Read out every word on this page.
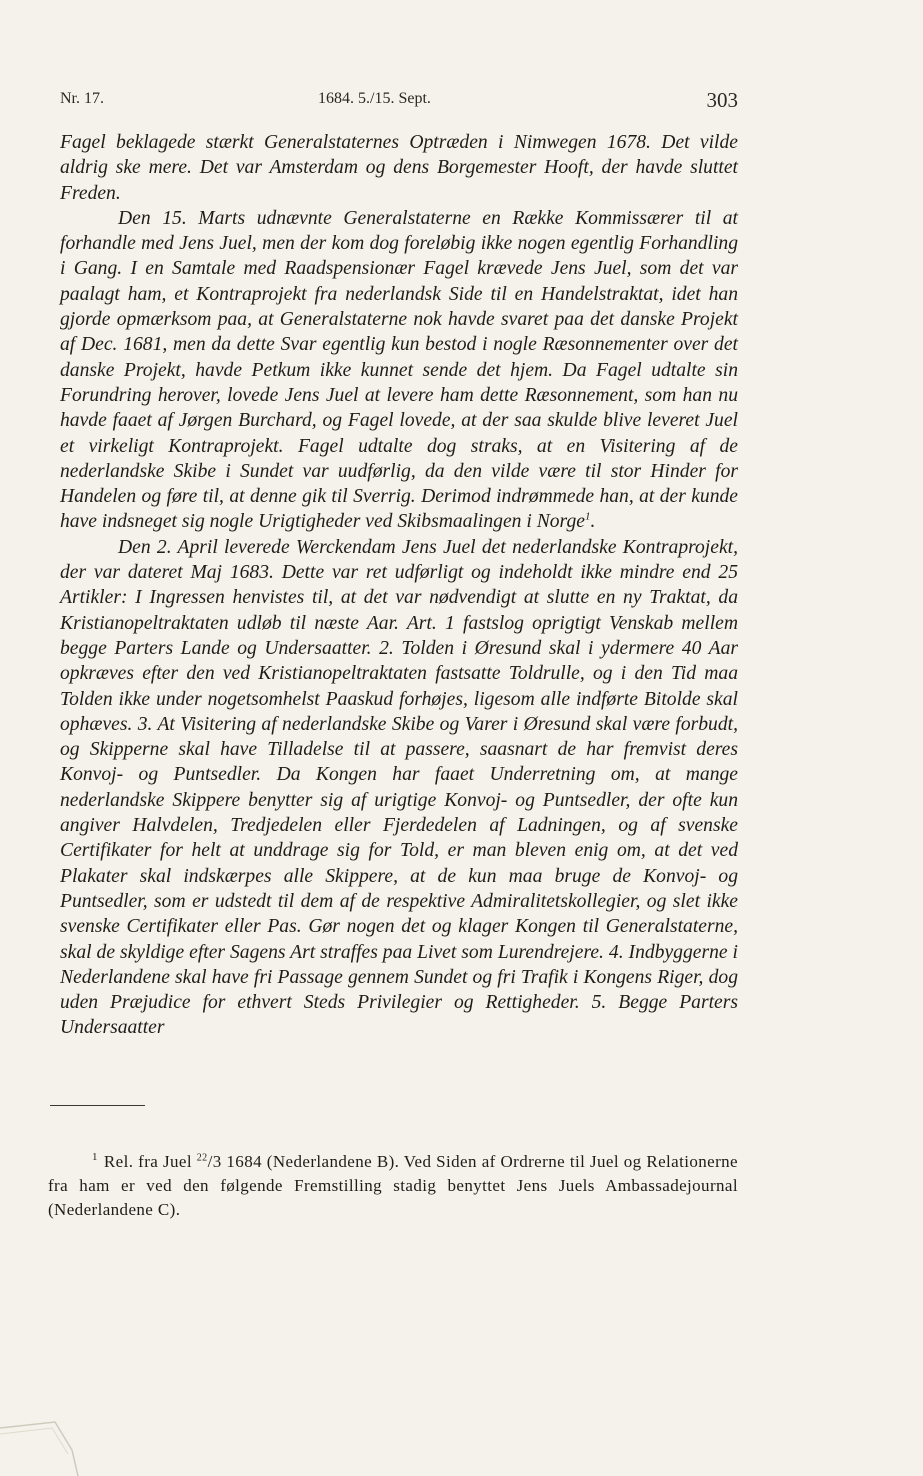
Nr. 17.	1684. 5./15. Sept.	303

Fagel beklagede stærkt Generalstaternes Optræden i Nimwegen 1678. Det vilde aldrig ske mere. Det var Amsterdam og dens Borgemester Hooft, der havde sluttet Freden.

Den 15. Marts udnævnte Generalstaterne en Række Kommissærer til at forhandle med Jens Juel, men der kom dog foreløbig ikke nogen egentlig Forhandling i Gang. I en Samtale med Raadspensionær Fagel krævede Jens Juel, som det var paalagt ham, et Kontraprojekt fra nederlandsk Side til en Handelstraktat, idet han gjorde opmærksom paa, at Generalstaterne nok havde svaret paa det danske Projekt af Dec. 1681, men da dette Svar egentlig kun bestod i nogle Ræsonnementer over det danske Projekt, havde Petkum ikke kunnet sende det hjem. Da Fagel udtalte sin Forundring herover, lovede Jens Juel at levere ham dette Ræsonnement, som han nu havde faaet af Jørgen Burchard, og Fagel lovede, at der saa skulde blive leveret Juel et virkeligt Kontraprojekt. Fagel udtalte dog straks, at en Visitering af de nederlandske Skibe i Sundet var uudførlig, da den vilde være til stor Hinder for Handelen og føre til, at denne gik til Sverrig. Derimod indrømmede han, at der kunde have indsneget sig nogle Urigtigheder ved Skibsmaalingen i Norge$^1$.

Den 2. April leverede Werckendam Jens Juel det nederlandske Kontraprojekt, der var dateret Maj 1683. Dette var ret udførligt og indeholdt ikke mindre end 25 Artikler: I Ingressen henvistes til, at det var nødvendigt at slutte en ny Traktat, da Kristianopeltraktaten udløb til næste Aar. Art. 1 fastslog oprigtigt Venskab mellem begge Parters Lande og Undersaatter. 2. Tolden i Øresund skal i ydermere 40 Aar opkræves efter den ved Kristianopeltraktaten fastsatte Toldrulle, og i den Tid maa Tolden ikke under nogetsomhelst Paaskud forhøjes, ligesom alle indførte Bitolde skal ophæves. 3. At Visitering af nederlandske Skibe og Varer i Øresund skal være forbudt, og Skipperne skal have Tilladelse til at passere, saasnart de har fremvist deres Konvoj- og Puntsedler. Da Kongen har faaet Underretning om, at mange nederlandske Skippere benytter sig af urigtige Konvoj- og Puntsedler, der ofte kun angiver Halvdelen, Tredjedelen eller Fjerdedelen af Ladningen, og af svenske Certifikater for helt at unddrage sig for Told, er man bleven enig om, at det ved Plakater skal indskærpes alle Skippere, at de kun maa bruge de Konvoj- og Puntsedler, som er udstedt til dem af de respektive Admiralitetskollegier, og slet ikke svenske Certifikater eller Pas. Gør nogen det og klager Kongen til Generalstaterne, skal de skyldige efter Sagens Art straffes paa Livet som Lurendrejere. 4. Indbyggerne i Nederlandene skal have fri Passage gennem Sundet og fri Trafik i Kongens Riger, dog uden Præjudice for ethvert Steds Privilegier og Rettigheder. 5. Begge Parters Undersaatter

$^1$ Rel. fra Juel $^{22}$/3 1684 (Nederlandene B). Ved Siden af Ordrerne til Juel og Relationerne fra ham er ved den følgende Fremstilling stadig benyttet Jens Juels Ambassadejournal (Nederlandene C).
